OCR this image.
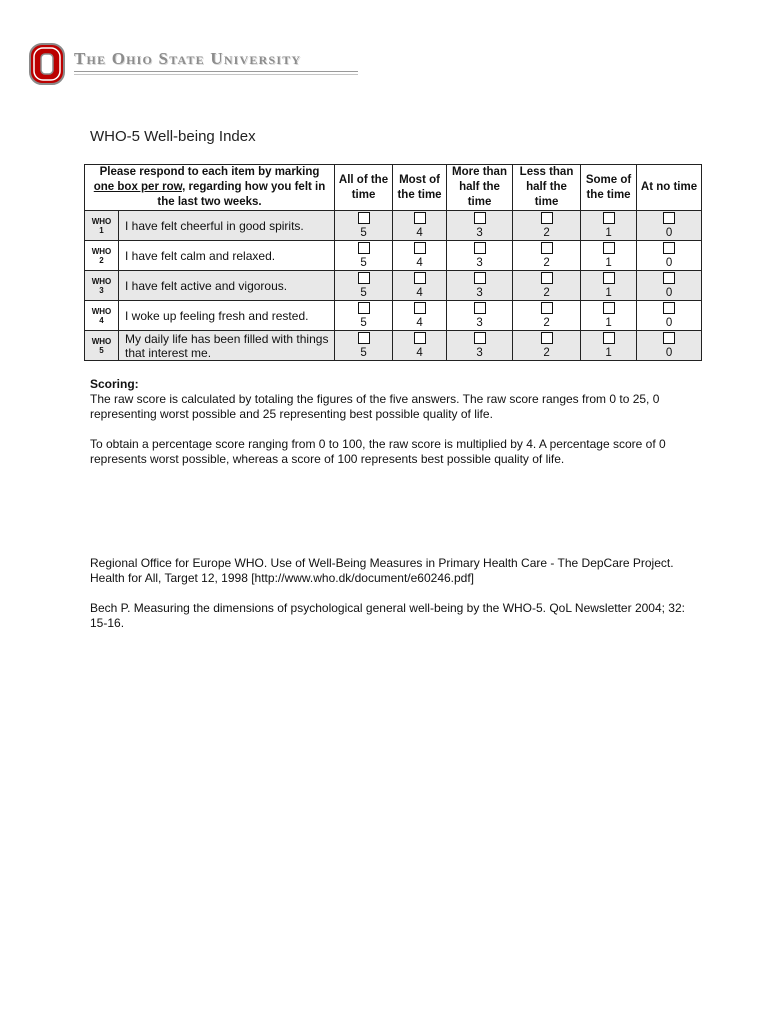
The Ohio State University
WHO-5 Well-being Index
Please respond to each item by marking one box per row, regarding how you felt in the last two weeks.		All of the time	Most of the time	More than half the time	Less than half the time	Some of the time	At no time

WHO
1	I have felt cheerful in good spirits.	5	4	3	2	1	0

WHO
2	I have felt calm and relaxed.	5	4	3	2	1	0

WHO
3	I have felt active and vigorous.	5	4	3	2	1	0

WHO
4	I woke up feeling fresh and rested.	5	4	3	2	1	0

WHO
5	My daily life has been filled with things that interest me.	5	4	3	2	1	0
Scoring:

The raw score is calculated by totaling the figures of the five answers. The raw score ranges from 0 to 25, 0 representing worst possible and 25 representing best possible quality of life.

To obtain a percentage score ranging from 0 to 100, the raw score is multiplied by 4. A percentage score of 0 represents worst possible, whereas a score of 100 represents best possible quality of life.

Regional Office for Europe WHO. Use of Well-Being Measures in Primary Health Care - The DepCare Project. Health for All, Target 12, 1998 [http://www.who.dk/document/e60246.pdf]

Bech P. Measuring the dimensions of psychological general well-being by the WHO-5. QoL Newsletter 2004; 32: 15-16.
